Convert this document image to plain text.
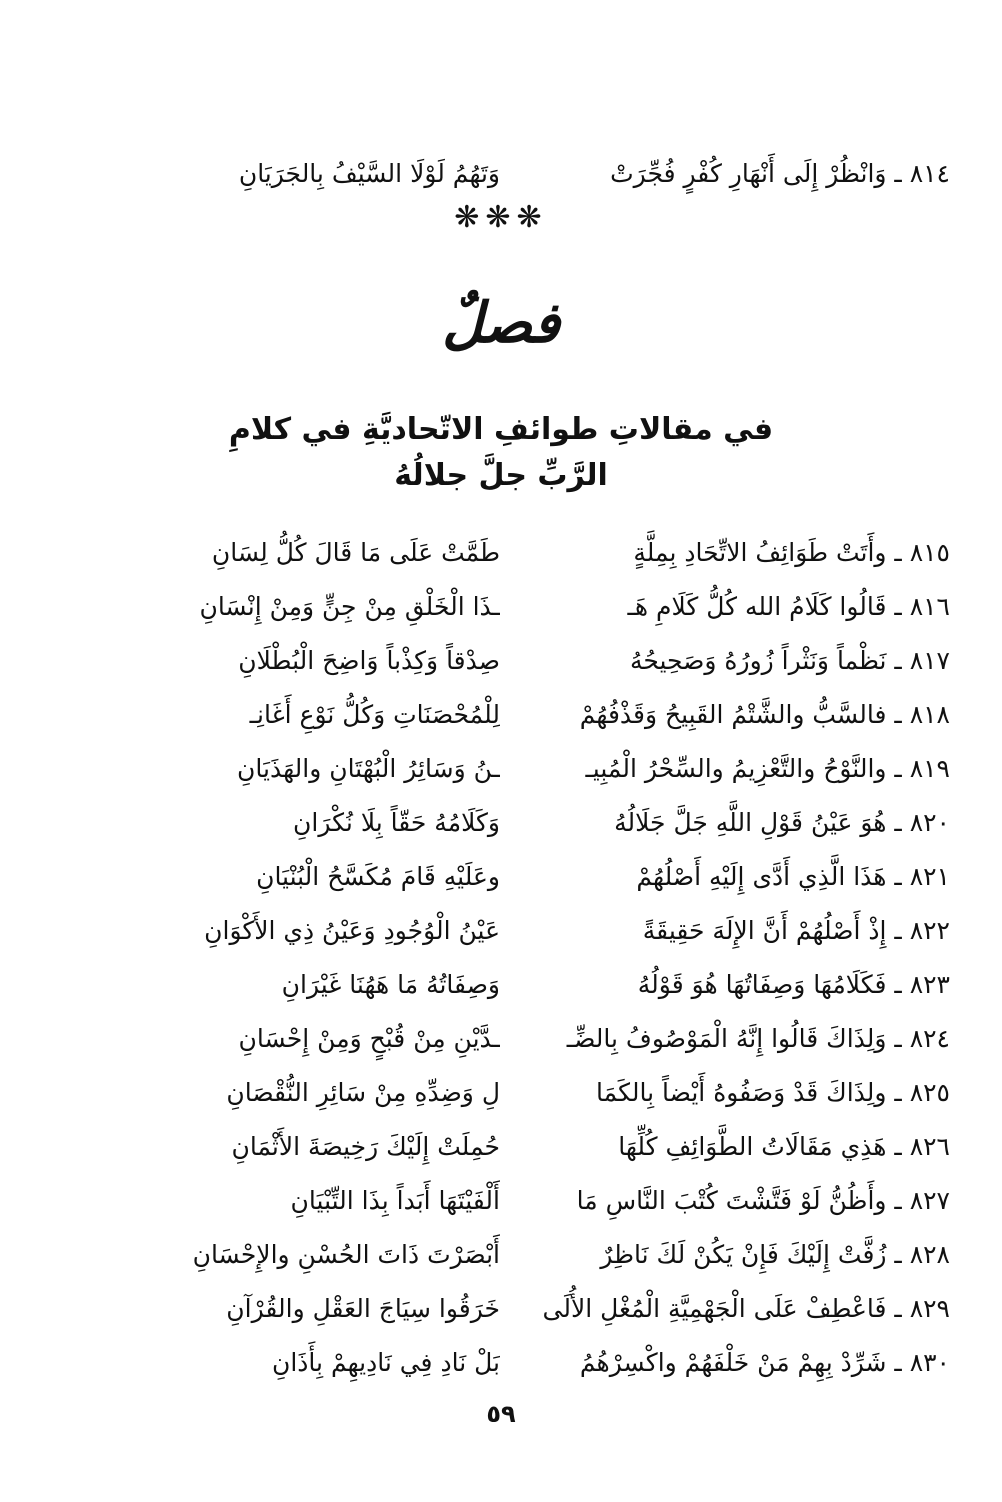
٨١٤ ـ وَانْظُرْ إِلَى أَنْهَارِ كُفْرٍ فُجِّرَتْ
وَتَهُمُ لَوْلَا السَّيْفُ بِالجَرَيَانِ
❋❋❋
فصلٌ
في مقالاتِ طوائفِ الاتّحاديَّةِ في كلامِ
الرَّبِّ جلَّ جلالُهُ
٨١٥ ـ وأَتَتْ طَوَائِفُ الاتِّحَادِ بِمِلَّةٍ
طَمَّتْ عَلَى مَا قَالَ كُلُّ لِسَانِ
٨١٦ ـ قَالُوا كَلَامُ الله كُلُّ كَلَامِ هَـ
ـذَا الْخَلْقِ مِنْ جِنٍّ وَمِنْ إِنْسَانِ
٨١٧ ـ نَظْماً وَنَثْراً زُورُهُ وَصَحِيحُهُ
صِدْقاً وَكِذْباً وَاضِحَ الْبُطْلَانِ
٨١٨ ـ فالسَّبُّ والشَّتْمُ القَبِيحُ وَقَذْفُهُمْ
لِلْمُحْصَنَاتِ وَكُلُّ نَوْعِ أَغَانِـ
٨١٩ ـ والنَّوْحُ والتَّعْزِيمُ والسِّحْرُ الْمُبِيـ
ـنُ وَسَائِرُ الْبُهْتَانِ والهَذَيَانِ
٨٢٠ ـ هُوَ عَيْنُ قَوْلِ اللَّهِ جَلَّ جَلَالُهُ
وَكَلَامُهُ حَقّاً بِلَا نُكْرَانِ
٨٢١ ـ هَذَا الَّذِي أَدَّى إِلَيْهِ أَصْلُهُمْ
وعَلَيْهِ قَامَ مُكَسَّحُ الْبُنْيَانِ
٨٢٢ ـ إِذْ أَصْلُهُمْ أَنَّ الإِلَهَ حَقِيقَةً
عَيْنُ الْوُجُودِ وَعَيْنُ ذِي الأَكْوَانِ
٨٢٣ ـ فَكَلَامُهَا وَصِفَاتُهَا هُوَ قَوْلُهُ
وَصِفَاتُهُ مَا هَهُنَا غَيْرَانِ
٨٢٤ ـ وَلِذَاكَ قَالُوا إِنَّهُ الْمَوْصُوفُ بِالضِّـ
ـدَّيْنِ مِنْ قُبْحٍ وَمِنْ إِحْسَانِ
٨٢٥ ـ ولِذَاكَ قَدْ وَصَفُوهُ أَيْضاً بِالكَمَا
لِ وَضِدِّهِ مِنْ سَائِرِ النُّقْصَانِ
٨٢٦ ـ هَذِي مَقَالَاتُ الطَّوَائِفِ كُلِّهَا
حُمِلَتْ إِلَيْكَ رَخِيصَةَ الأَثْمَانِ
٨٢٧ ـ وأَظُنُّ لَوْ فَتَّشْتَ كُتْبَ النَّاسِ مَا
أَلْفَيْتَهَا أَبَداً بِذَا التِّبْيَانِ
٨٢٨ ـ زُفَّتْ إِلَيْكَ فَإِنْ يَكُنْ لَكَ نَاظِرٌ
أَبْصَرْتَ ذَاتَ الحُسْنِ والإِحْسَانِ
٨٢٩ ـ فَاعْطِفْ عَلَى الْجَهْمِيَّةِ الْمُغْلِ الأُلَى
خَرَقُوا سِيَاجَ العَقْلِ والقُرْآنِ
٨٣٠ ـ شَرِّدْ بِهِمْ مَنْ خَلْفَهُمْ واكْسِرْهُمُ
بَلْ نَادِ فِي نَادِيهِمْ بِأَذَانِ
٥٩
